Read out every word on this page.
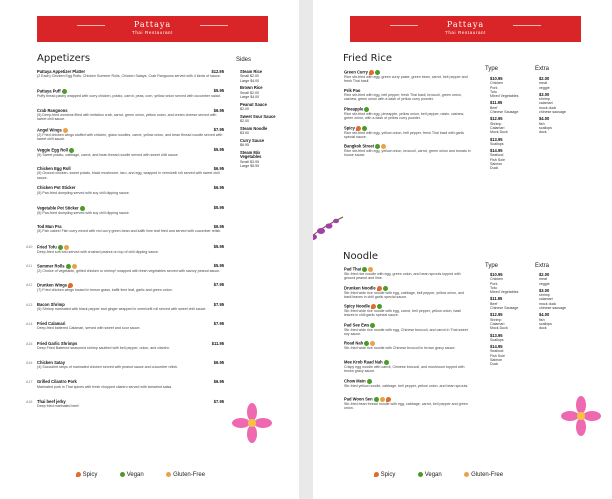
Pattaya
Thai Restaurant
Appetizers	Sides
Pattaya Appetizer Platter	$12.95
(2 Each) Chicken Egg Rolls, Chicken Summer Rolls, Chicken Satays, Crab Rangoons served with 4 kinds of sauce.
Pattaya Puff	$5.95
Puffy bread pastry wrapped with curry chicken, potato, carrot, peas, corn, yellow onion served with cucumber salad.
Crab Rangoons	$6.95
(5) Deep-fried wontons filled with imitation crab, carrot, green onion, yellow onion, and cream cheese served with sweet chili sauce.
Angel Wings	$7.95
(2) Fried chicken wings stuffed with chicken, glass noodles, carrot, yellow onion, and bean thread noodle served with sweet chili sauce.
Veggie Egg Roll	$5.95
(5) Sweet potato, cabbage, carrot, and bean thread noodle served with sweet chili sauce.
Chicken Egg Roll	$6.95
(5) Ground chicken, sweet potato, black mushroom, taro, and egg, wrapped in vermicelli roll served with sweet chili sauce.
Chicken Pot Sticker	$6.95
(5) Pan-fried dumpling served with soy chili dipping sauce.
Vegetable Pot Sticker	$5.95
(5) Pan-fried dumpling served with soy chili dipping sauce.
Tod Mun Pra	$6.95
(5) Fish cakes! Fish curry mixed with red curry green bean and kaffir lime leaf fried and served with cucumber relish.
A10 Fried Tofu	$5.95
Deep-fried soft tofu served with crushed peanut on top of chili dipping sauce.
A11 Summer Rolls	$5.95
(2) Choice of vegetable, grilled chicken or shrimp* wrapped with fresh vegetables served with savory peanut sauce.
A12 Drunken Wings	$7.95
(7) Fried chicken wings tossed in lemon grass, kaffir lime leaf, garlic and green onion.
A13 Bacon Shrimp	$7.95
(5) Shrimp marinated with black pepper and ginger wrapped in vermicelli roll served with sweet chili sauce.
A14 Fried Calamari	$7.95
Deep-fried battered Calamari, served with sweet and sour sauce.
A15 Fried Garlic Shrimps	$11.95
Deep Fried Battered seasoned shrimp sautéed with bell pepper, onion, and cilantro.
A16 Chicken Satay	$6.95
(4) Succulent strips of marinated chicken served with peanut sauce and cucumber relish.
A17 Grilled Cilantro Pork	$6.95
Marinated pork in Thai spices with fresh chopped cilantro served with tamarind salsa.
A18 Thai beef jerky	$7.95
Deep fried marinated beef.
Steam Rice
Small $2.00
Large $4.00
Brown Rice
Small $2.00
Large $4.00
Peanut Sauce
$2.00
Sweet Sour Sauce
$2.00
Steam Noodle
$3.00
Curry Sauce
$6.95
Steam Mix Vegetables
Small $3.95
Large $5.95
Spicy	Vegan	Gluten-Free
Pattaya
Thai Restaurant
Fried Rice
Type	Extra
Green Curry
Rice stir-fried with egg, green curry paste, green bean, carrot, bell pepper and fresh Thai basil.
Prik Pao
Rice stir-fried with egg, bell pepper, fresh Thai basil, broccoli, green onion, cashew, green onion with a dash of yellow curry powder.
Pineapple
Rice stir-fried with egg, pineapple, yellow onion, bell pepper, raisin, cashew, green onion, with a dash of yellow curry powder.
Spicy
Rice stir-fried with egg, yellow onion, bell pepper, fresh Thai basil with garlic special sauce.
Bangkok Street
Rice stir-fried with egg, yellow onion, broccoli, carrot, green onion and tomato in house sauce.
$10.95
Chicken
Pork
Tofu
Mixed Vegetables
$11.95
Beef
Chinese Sausage
$12.95
Shrimp
Calamari
Mock Duck
$13.95
Scallops
$14.95
Seafood
Fish Sole
Salmon
Duck
$2.00
meat
veggie
$3.00
shrimp
calamari
mock duck
chinese sausage
$4.00
fish
scallops
duck
Noodle
Type	Extra
Pad Thai
Stir-fried rice noodle with egg, green onion, and bean sprouts topped with ground peanut and lime.
Drunken Noodle
Stir-fried wide rice noodle with egg, cabbage, bell pepper, yellow onion, and basil leaves in chili garlic special sauce.
Spicy Noodle
Stir-fried wide rice noodle with egg, carrot, bell pepper, yellow onion, basil leaves in chili garlic special sauce.
Pad See Ews
Stir-fried wide rice noodle with egg, Chinese broccoli, and carrot in Thai sweet soy sauce.
Road Nah
Stir-fried wide rice noodle with Chinese broccoli in brown gravy sauce.
Mee Krob Raad Nah
Crispy egg noodle with carrot, Chinese broccoli, and mushroom topped with brown gravy sauce.
Chow Mein
Stir-fried yellow noodle, cabbage, bell pepper, yellow onion, and bean sprouts.
Pad Woon Sen
Stir-fried bean thread noodle with egg, cabbage, carrot, bell pepper and green onion.
$10.95
Chicken
Pork
Tofu
Mixed Vegetables
$11.95
Beef
Chinese Sausage
$12.95
Shrimp
Calamari
Mock Duck
$13.95
Scallops
$14.95
Seafood
Fish Sole
Salmon
Duck
$2.00
meat
veggie
$3.00
shrimp
calamari
mock duck
chinese sausage
$4.00
fish
scallops
duck
Spicy	Vegan	Gluten-Free
